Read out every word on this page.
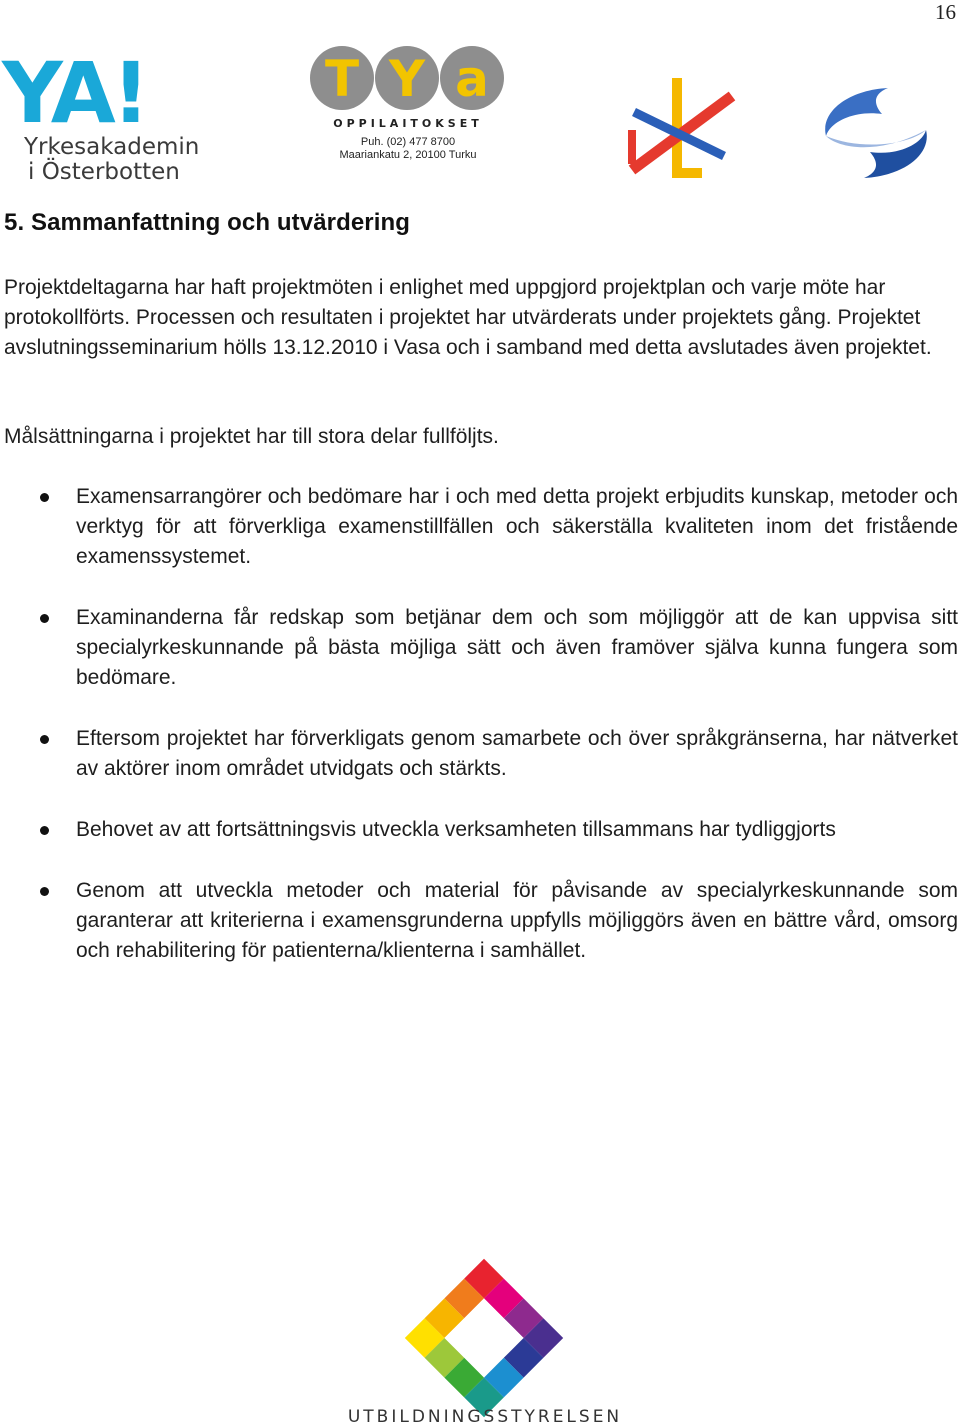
16
YA!
Yrkesakademin
i Österbotten
T Y a
OPPILAITOKSET
Puh. (02) 477 8700
Maariankatu 2, 20100 Turku
5. Sammanfattning och utvärdering

Projektdeltagarna har haft projektmöten i enlighet med uppgjord projektplan och varje möte har protokollförts. Processen och resultaten i projektet har utvärderats under projektets gång. Projektet avslutningsseminarium hölls 13.12.2010 i Vasa och i samband med detta avslutades även projektet.

Målsättningarna i projektet har till stora delar fullföljts.

Examensarrangörer och bedömare har i och med detta projekt erbjudits kunskap, metoder och verktyg för att förverkliga examenstillfällen och säkerställa kvaliteten inom det fristående examenssystemet.
Examinanderna får redskap som betjänar dem och som möjliggör att de kan uppvisa sitt specialyrkeskunnande på bästa möjliga sätt och även framöver själva kunna fungera som bedömare.
Eftersom projektet har förverkligats genom samarbete och över språkgränserna, har nätverket av aktörer inom området utvidgats och stärkts.
Behovet av att fortsättningsvis utveckla verksamheten tillsammans har tydliggjorts
Genom att utveckla metoder och material för påvisande av specialyrkeskunnande som garanterar att kriterierna i examensgrunderna uppfylls möjliggörs även en bättre vård, omsorg och rehabilitering för patienterna/klienterna i samhället.
UTBILDNINGSSTYRELSEN
